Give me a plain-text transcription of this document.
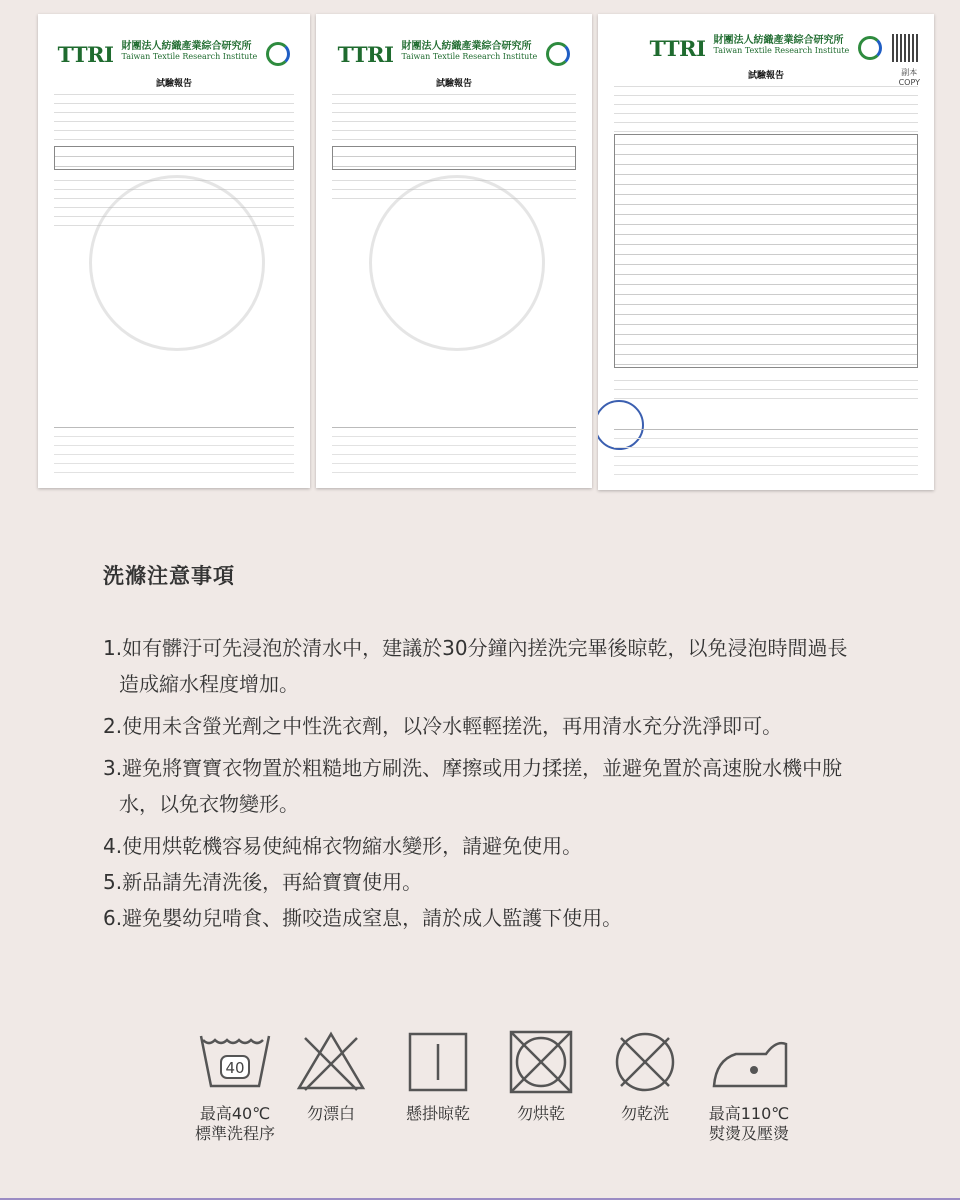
TTRI 財團法人紡織產業綜合研究所
Taiwan Textile Research Institute

試驗報告
TTRI 財團法人紡織產業綜合研究所
Taiwan Textile Research Institute

試驗報告
TTRI 財團法人紡織產業綜合研究所
Taiwan Textile Research Institute

副本
COPY
試驗報告
洗滌注意事項
1.如有髒汙可先浸泡於清水中，建議於30分鐘內搓洗完畢後晾乾，以免浸泡時間過長造成縮水程度增加。
2.使用未含螢光劑之中性洗衣劑，以冷水輕輕搓洗，再用清水充分洗淨即可。
3.避免將寶寶衣物置於粗糙地方刷洗、摩擦或用力揉搓，並避免置於高速脫水機中脫水，以免衣物變形。
4.使用烘乾機容易使純棉衣物縮水變形，請避免使用。
5.新品請先清洗後，再給寶寶使用。
6.避免嬰幼兒啃食、撕咬造成窒息，請於成人監護下使用。
40
最高40℃
標準洗程序
勿漂白	懸掛晾乾	勿烘乾	勿乾洗	最高110℃
熨燙及壓燙
